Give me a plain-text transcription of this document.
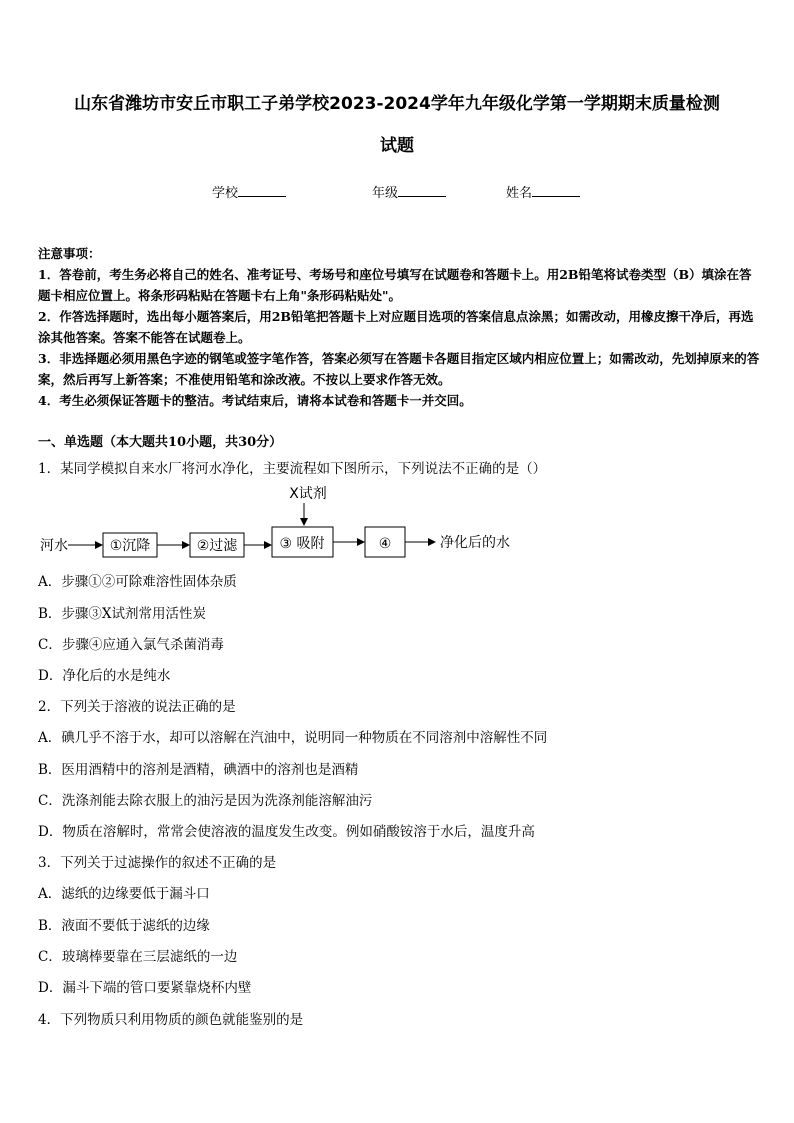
山东省潍坊市安丘市职工子弟学校2023-2024学年九年级化学第一学期期末质量检测
试题
学校	年级	姓名

注意事项：

1．答卷前，考生务必将自己的姓名、准考证号、考场号和座位号填写在试题卷和答题卡上。用2B铅笔将试卷类型（B）填涂在答题卡相应位置上。将条形码粘贴在答题卡右上角"条形码粘贴处"。

2．作答选择题时，选出每小题答案后，用2B铅笔把答题卡上对应题目选项的答案信息点涂黑；如需改动，用橡皮擦干净后，再选涂其他答案。答案不能答在试题卷上。

3．非选择题必须用黑色字迹的钢笔或签字笔作答，答案必须写在答题卡各题目指定区域内相应位置上；如需改动，先划掉原来的答案，然后再写上新答案；不准使用铅笔和涂改液。不按以上要求作答无效。

4．考生必须保证答题卡的整洁。考试结束后，请将本试卷和答题卡一并交回。

一、单选题（本大题共10小题，共30分）
1．某同学模拟自来水厂将河水净化，主要流程如下图所示，下列说法不正确的是（）
X试剂
河水	①沉降	②过滤	③ 吸附	④	净化后的水
A．步骤①②可除难溶性固体杂质
B．步骤③X试剂常用活性炭
C．步骤④应通入氯气杀菌消毒
D．净化后的水是纯水
2．下列关于溶液的说法正确的是
A．碘几乎不溶于水，却可以溶解在汽油中，说明同一种物质在不同溶剂中溶解性不同
B．医用酒精中的溶剂是酒精，碘酒中的溶剂也是酒精
C．洗涤剂能去除衣服上的油污是因为洗涤剂能溶解油污
D．物质在溶解时，常常会使溶液的温度发生改变。例如硝酸铵溶于水后，温度升高
3．下列关于过滤操作的叙述不正确的是
A．滤纸的边缘要低于漏斗口
B．液面不要低于滤纸的边缘
C．玻璃棒要靠在三层滤纸的一边
D．漏斗下端的管口要紧靠烧杯内壁
4．下列物质只利用物质的颜色就能鉴别的是
